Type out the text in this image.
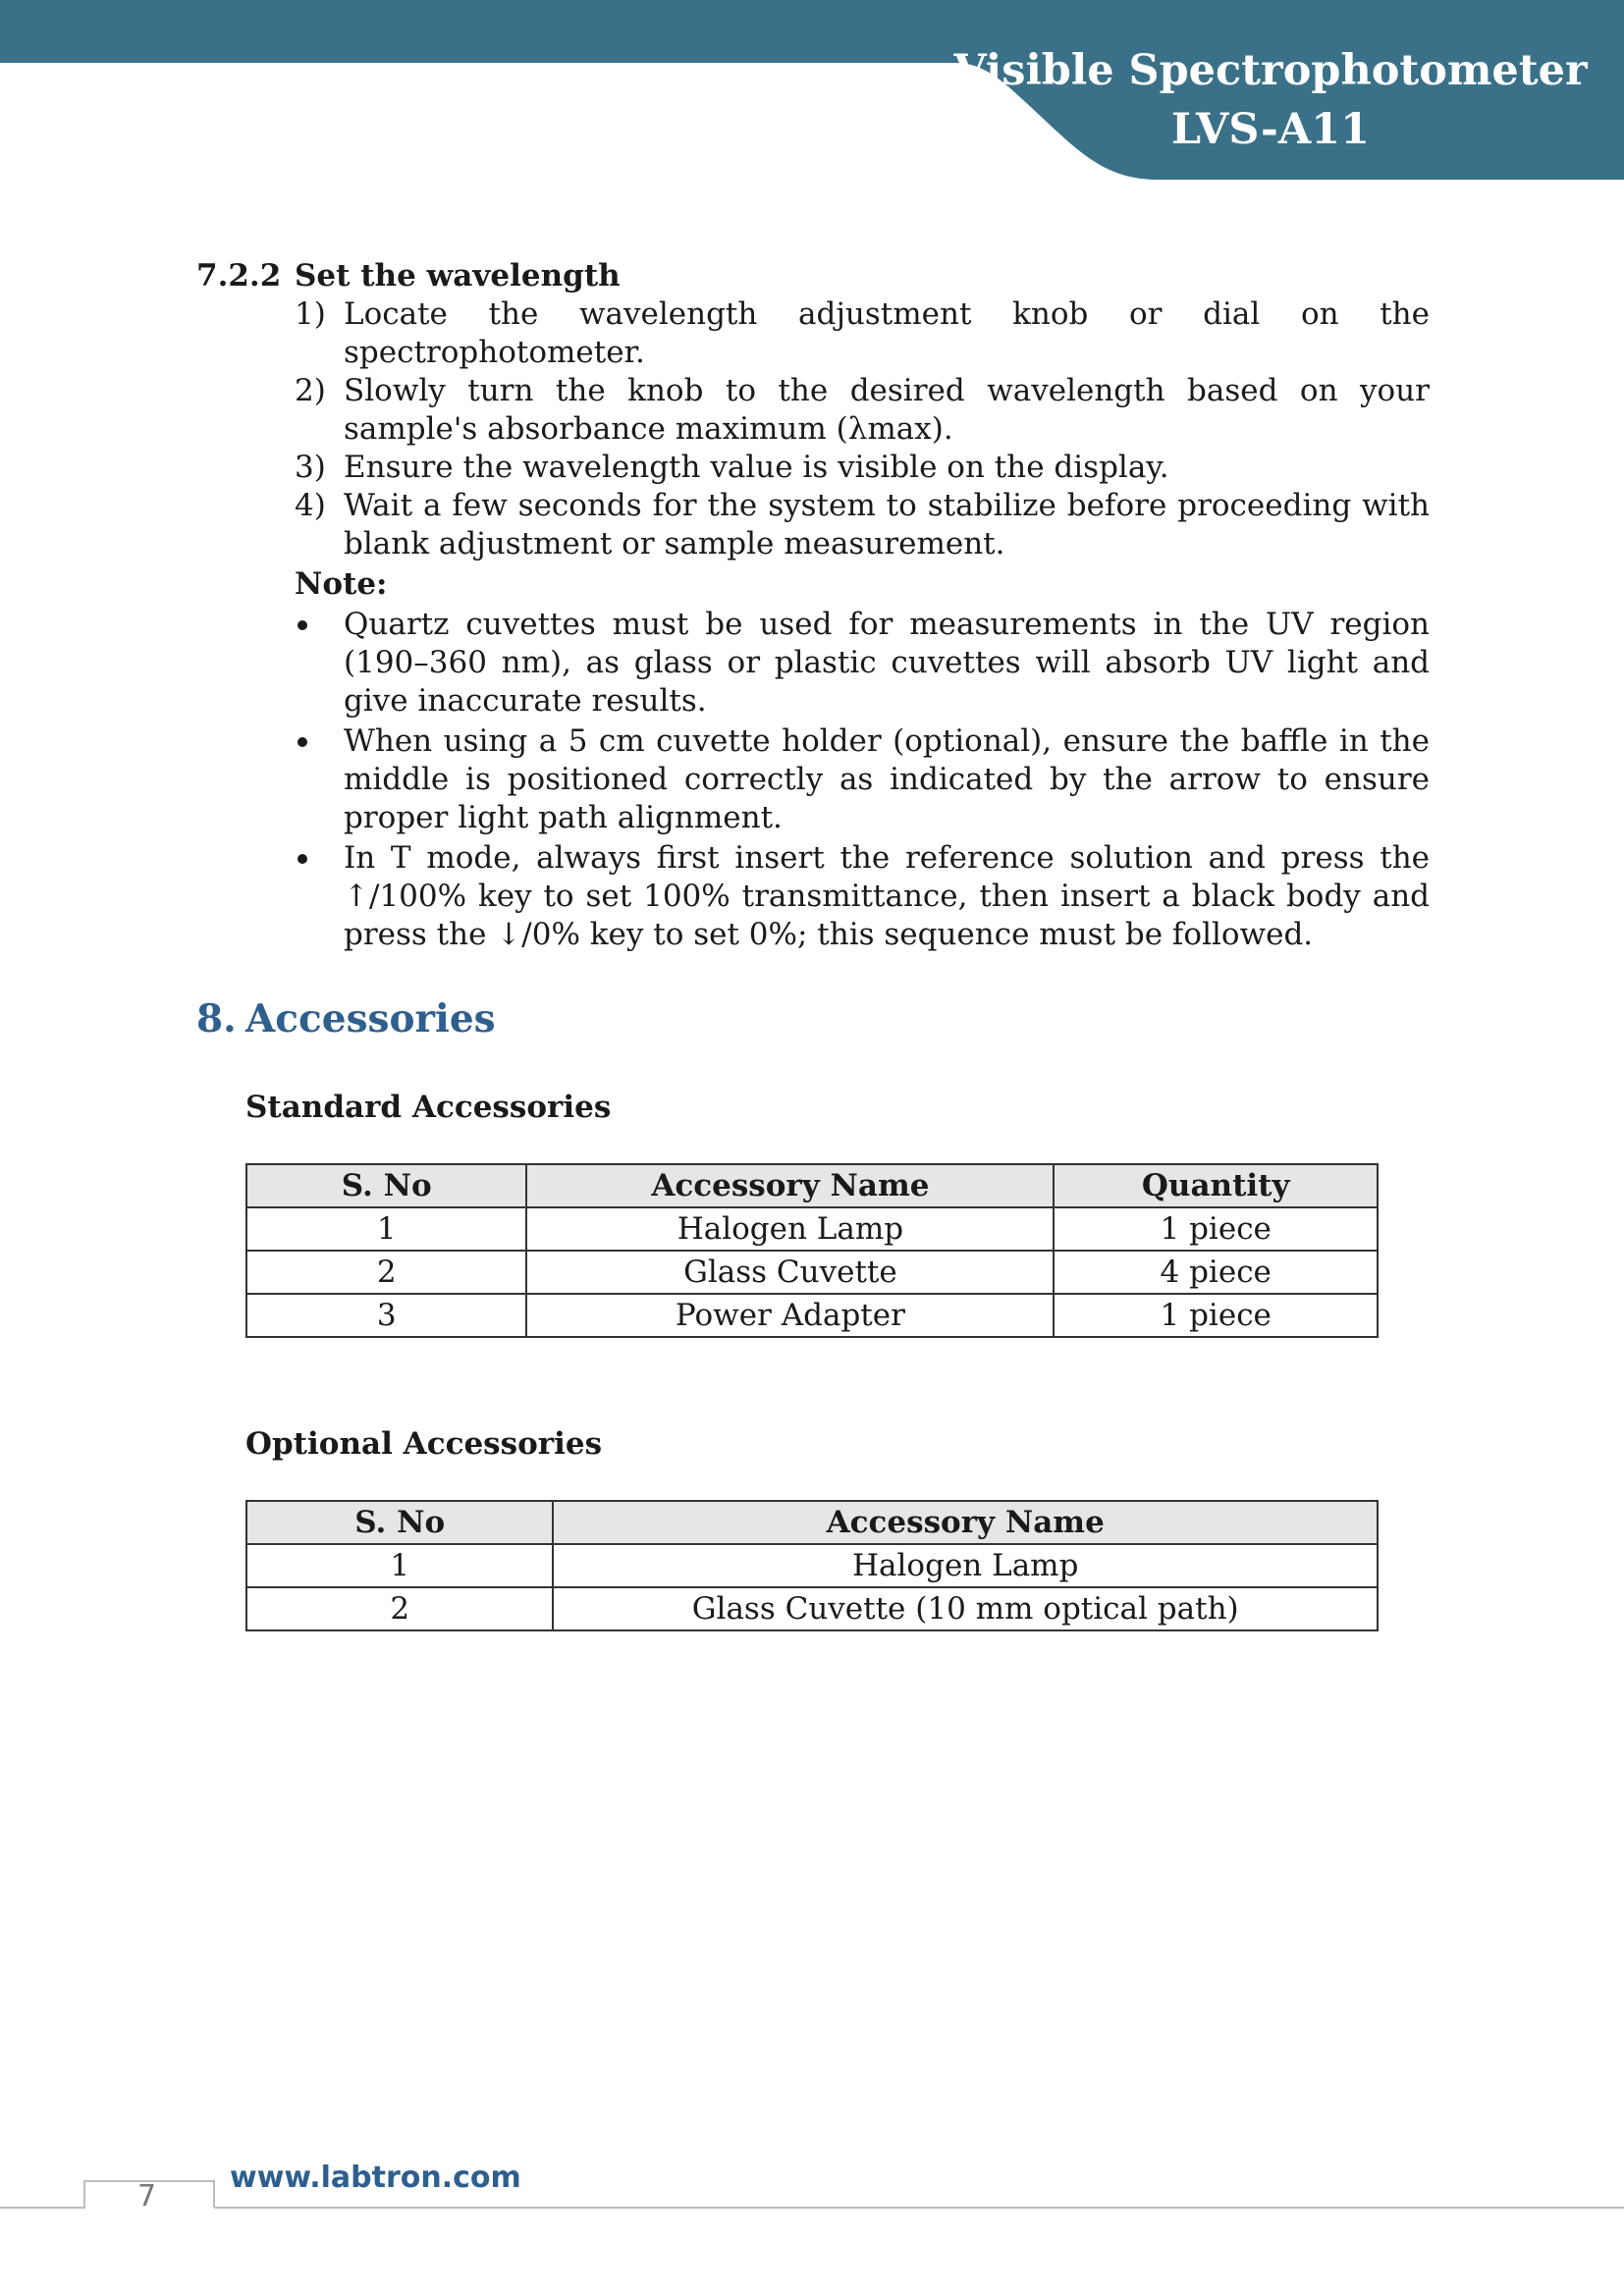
Visible Spectrophotometer
LVS-A11
7.2.2 Set the wavelength
1) Locate the wavelength adjustment knob or dial on the spectrophotometer.
2) Slowly turn the knob to the desired wavelength based on your sample's absorbance maximum (λmax).
3) Ensure the wavelength value is visible on the display.
4) Wait a few seconds for the system to stabilize before proceeding with blank adjustment or sample measurement.
Note:
Quartz cuvettes must be used for measurements in the UV region (190–360 nm), as glass or plastic cuvettes will absorb UV light and give inaccurate results.
When using a 5 cm cuvette holder (optional), ensure the baffle in the middle is positioned correctly as indicated by the arrow to ensure proper light path alignment.
In T mode, always first insert the reference solution and press the ↑/100% key to set 100% transmittance, then insert a black body and press the ↓/0% key to set 0%; this sequence must be followed.
8. Accessories
Standard Accessories
S. No	Accessory Name	Quantity
1	Halogen Lamp	1 piece
2	Glass Cuvette	4 piece
3	Power Adapter	1 piece
Optional Accessories
S. No	Accessory Name
1	Halogen Lamp
2	Glass Cuvette (10 mm optical path)
www.labtron.com
7
